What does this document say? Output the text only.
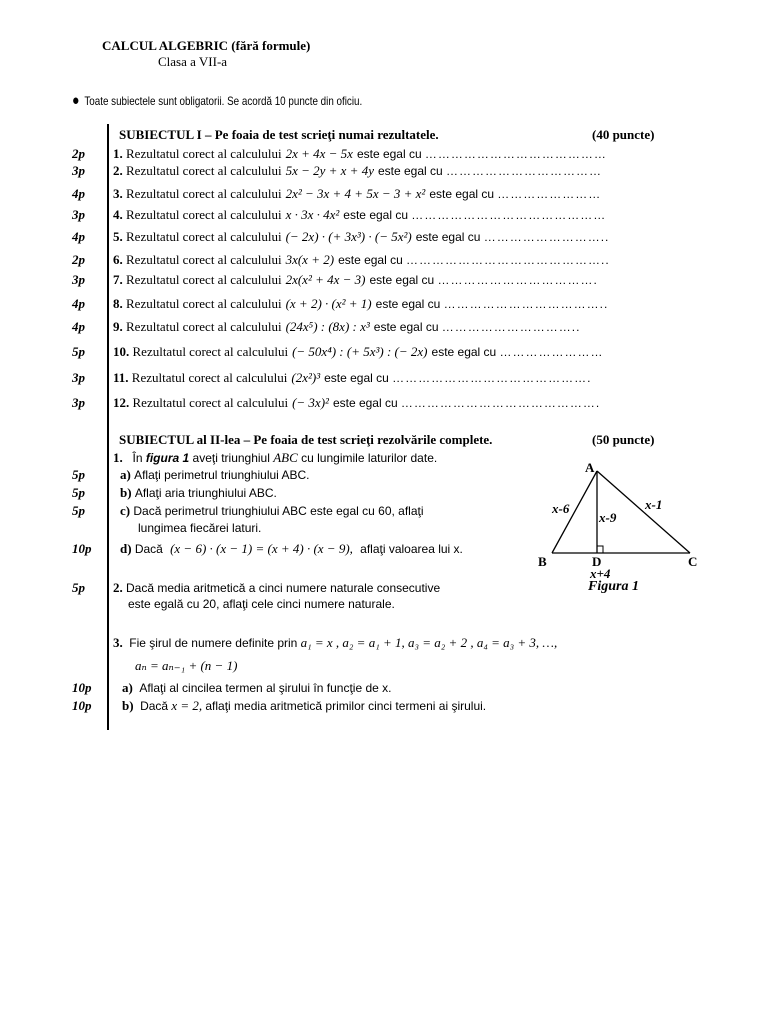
CALCUL ALGEBRIC (fără formule)
Clasa a VII-a
● Toate subiectele sunt obligatorii. Se acordă 10 puncte din oficiu.
SUBIECTUL I – Pe foaia de test scrieţi numai rezultatele.	(40 puncte)
2p 1. Rezultatul corect al calculului 2x + 4x − 5x este egal cu ……………………………………
3p 2. Rezultatul corect al calculului 5x − 2y + x + 4y este egal cu ………………………………
4p 3. Rezultatul corect al calculului 2x² − 3x + 4 + 5x − 3 + x² este egal cu ……………………
3p 4. Rezultatul corect al calculului x · 3x · 4x² este egal cu ………………………………………
4p 5. Rezultatul corect al calculului (− 2x) · (+ 3x³) · (− 5x²) este egal cu ………………………..
2p 6. Rezultatul corect al calculului 3x(x + 2) este egal cu ………………………………………..
3p 7. Rezultatul corect al calculului 2x(x² + 4x − 3) este egal cu ……………………………….
4p 8. Rezultatul corect al calculului (x + 2) · (x² + 1) este egal cu ………………………………..
4p 9. Rezultatul corect al calculului (24x⁵) : (8x) : x³ este egal cu …………………………..
5p 10. Rezultatul corect al calculului (− 50x⁴) : (+ 5x³) : (− 2x) este egal cu ……………………
3p 11. Rezultatul corect al calculului (2x²)³ este egal cu ……………………………………….
3p 12. Rezultatul corect al calculului (− 3x)² este egal cu ……………………………………….
SUBIECTUL al II-lea – Pe foaia de test scrieţi rezolvările complete.	(50 puncte)
1. În figura 1 aveţi triunghiul ABC cu lungimile laturilor date.
5p	a) Aflaţi perimetrul triunghiului ABC.
5p	b) Aflaţi aria triunghiului ABC.
5p	c) Dacă perimetrul triunghiului ABC este egal cu 60, aflaţi
lungimea fiecărei laturi.
10p d) Dacă (x − 6) · (x − 1) = (x + 4) · (x − 9), aflaţi valoarea lui x.
5p 2. Dacă media aritmetică a cinci numere naturale consecutive
este egală cu 20, aflaţi cele cinci numere naturale.
3. Fie şirul de numere definite prin a₁ = x , a₂ = a₁ + 1, a₃ = a₂ + 2 , a₄ = a₃ + 3, …,
aₙ = aₙ₋₁ + (n − 1)
10p a) Aflaţi al cincilea termen al şirului în funcţie de x.
10p b) Dacă x = 2, aflaţi media aritmetică primilor cinci termeni ai şirului.
A
B	C
D
x-6	x-1
x-9
x+4
Figura 1
